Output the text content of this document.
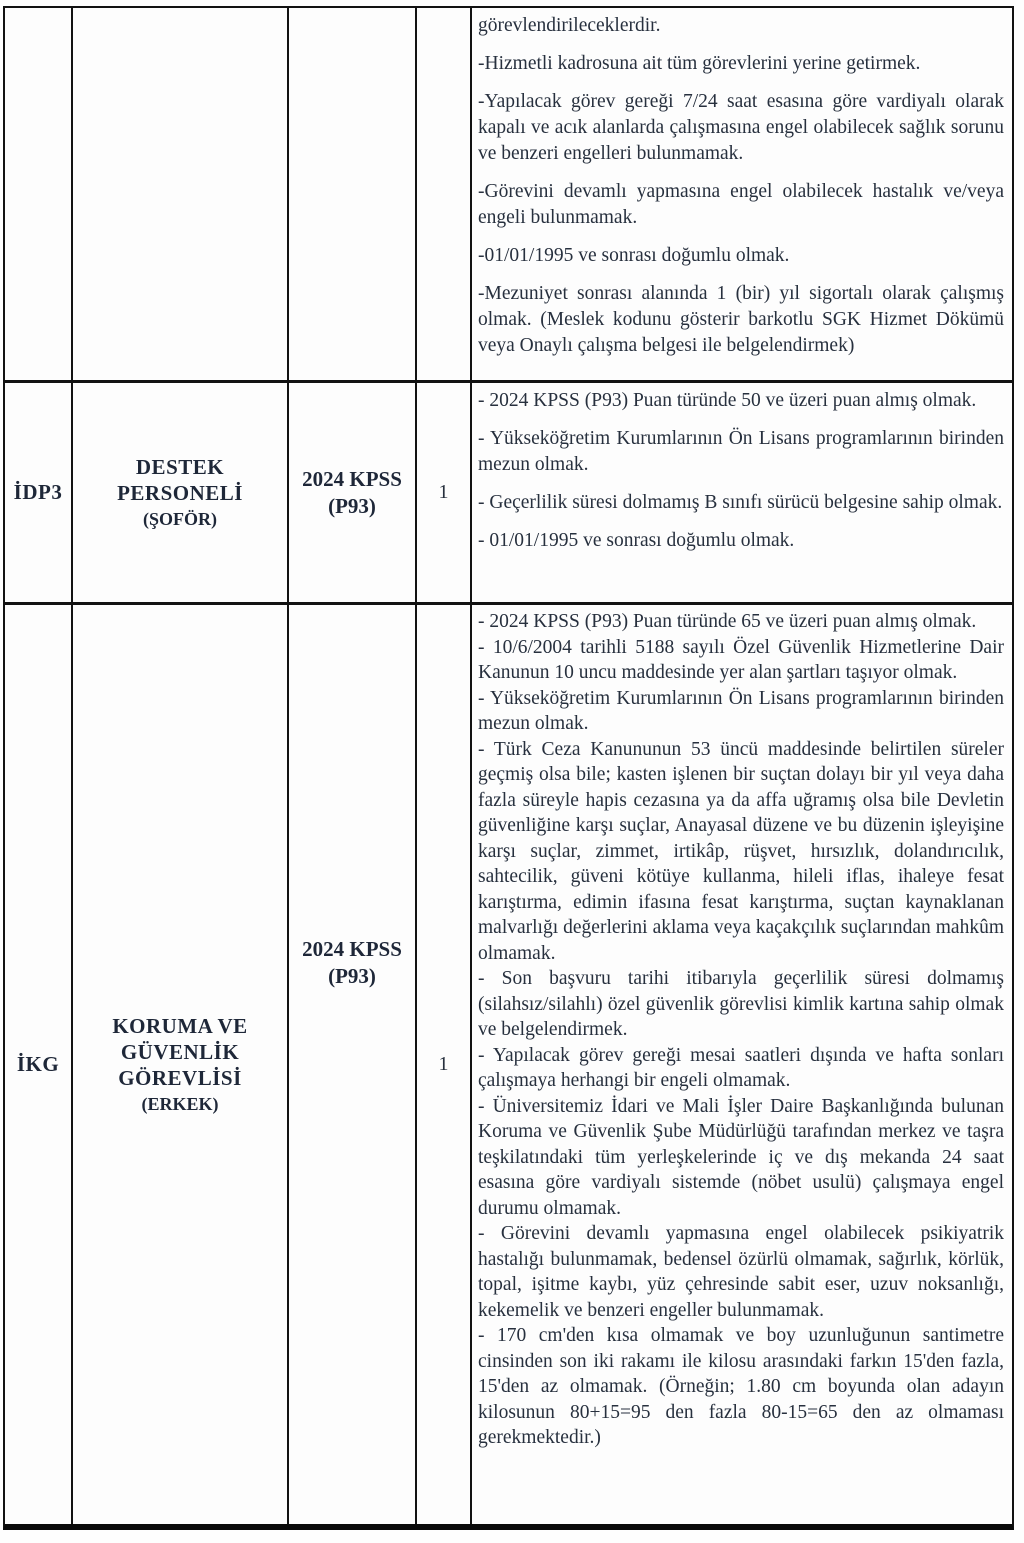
görevlendirileceklerdir.

-Hizmetli kadrosuna ait tüm görevlerini yerine getirmek.

-Yapılacak görev gereği 7/24 saat esasına göre vardiyalı olarak kapalı ve acık alanlarda çalışmasına engel olabilecek sağlık sorunu ve benzeri engelleri bulunmamak.

-Görevini devamlı yapmasına engel olabilecek hastalık ve/veya engeli bulunmamak.

-01/01/1995 ve sonrası doğumlu olmak.

-Mezuniyet sonrası alanında 1 (bir) yıl sigortalı olarak çalışmış olmak. (Meslek kodunu gösterir barkotlu SGK Hizmet Dökümü veya Onaylı çalışma belgesi ile belgelendirmek)

İDP3
DESTEK
PERSONELİ
(ŞOFÖR)
2024 KPSS
(P93)
1

- 2024 KPSS (P93) Puan türünde 50 ve üzeri puan almış olmak.

- Yükseköğretim Kurumlarının Ön Lisans programlarının birinden mezun olmak.

- Geçerlilik süresi dolmamış B sınıfı sürücü belgesine sahip olmak.

- 01/01/1995 ve sonrası doğumlu olmak.

İKG
KORUMA VE
GÜVENLİK
GÖREVLİSİ
(ERKEK)
2024 KPSS
(P93)
1

- 2024 KPSS (P93) Puan türünde 65 ve üzeri puan almış olmak.

- 10/6/2004 tarihli 5188 sayılı Özel Güvenlik Hizmetlerine Dair Kanunun 10 uncu maddesinde yer alan şartları taşıyor olmak.

- Yükseköğretim Kurumlarının Ön Lisans programlarının birinden mezun olmak.

- Türk Ceza Kanununun 53 üncü maddesinde belirtilen süreler geçmiş olsa bile; kasten işlenen bir suçtan dolayı bir yıl veya daha fazla süreyle hapis cezasına ya da affa uğramış olsa bile Devletin güvenliğine karşı suçlar, Anayasal düzene ve bu düzenin işleyişine karşı suçlar, zimmet, irtikâp, rüşvet, hırsızlık, dolandırıcılık, sahtecilik, güveni kötüye kullanma, hileli iflas, ihaleye fesat karıştırma, edimin ifasına fesat karıştırma, suçtan kaynaklanan malvarlığı değerlerini aklama veya kaçakçılık suçlarından mahkûm olmamak.

- Son başvuru tarihi itibarıyla geçerlilik süresi dolmamış (silahsız/silahlı) özel güvenlik görevlisi kimlik kartına sahip olmak ve belgelendirmek.

- Yapılacak görev gereği mesai saatleri dışında ve hafta sonları çalışmaya herhangi bir engeli olmamak.

- Üniversitemiz İdari ve Mali İşler Daire Başkanlığında bulunan Koruma ve Güvenlik Şube Müdürlüğü tarafından merkez ve taşra teşkilatındaki tüm yerleşkelerinde iç ve dış mekanda 24 saat esasına göre vardiyalı sistemde (nöbet usulü) çalışmaya engel durumu olmamak.

- Görevini devamlı yapmasına engel olabilecek psikiyatrik hastalığı bulunmamak, bedensel özürlü olmamak, sağırlık, körlük, topal, işitme kaybı, yüz çehresinde sabit eser, uzuv noksanlığı, kekemelik ve benzeri engeller bulunmamak.

- 170 cm'den kısa olmamak ve boy uzunluğunun santimetre cinsinden son iki rakamı ile kilosu arasındaki farkın 15'den fazla, 15'den az olmamak. (Örneğin; 1.80 cm boyunda olan adayın kilosunun 80+15=95 den fazla 80-15=65 den az olmaması gerekmektedir.)
